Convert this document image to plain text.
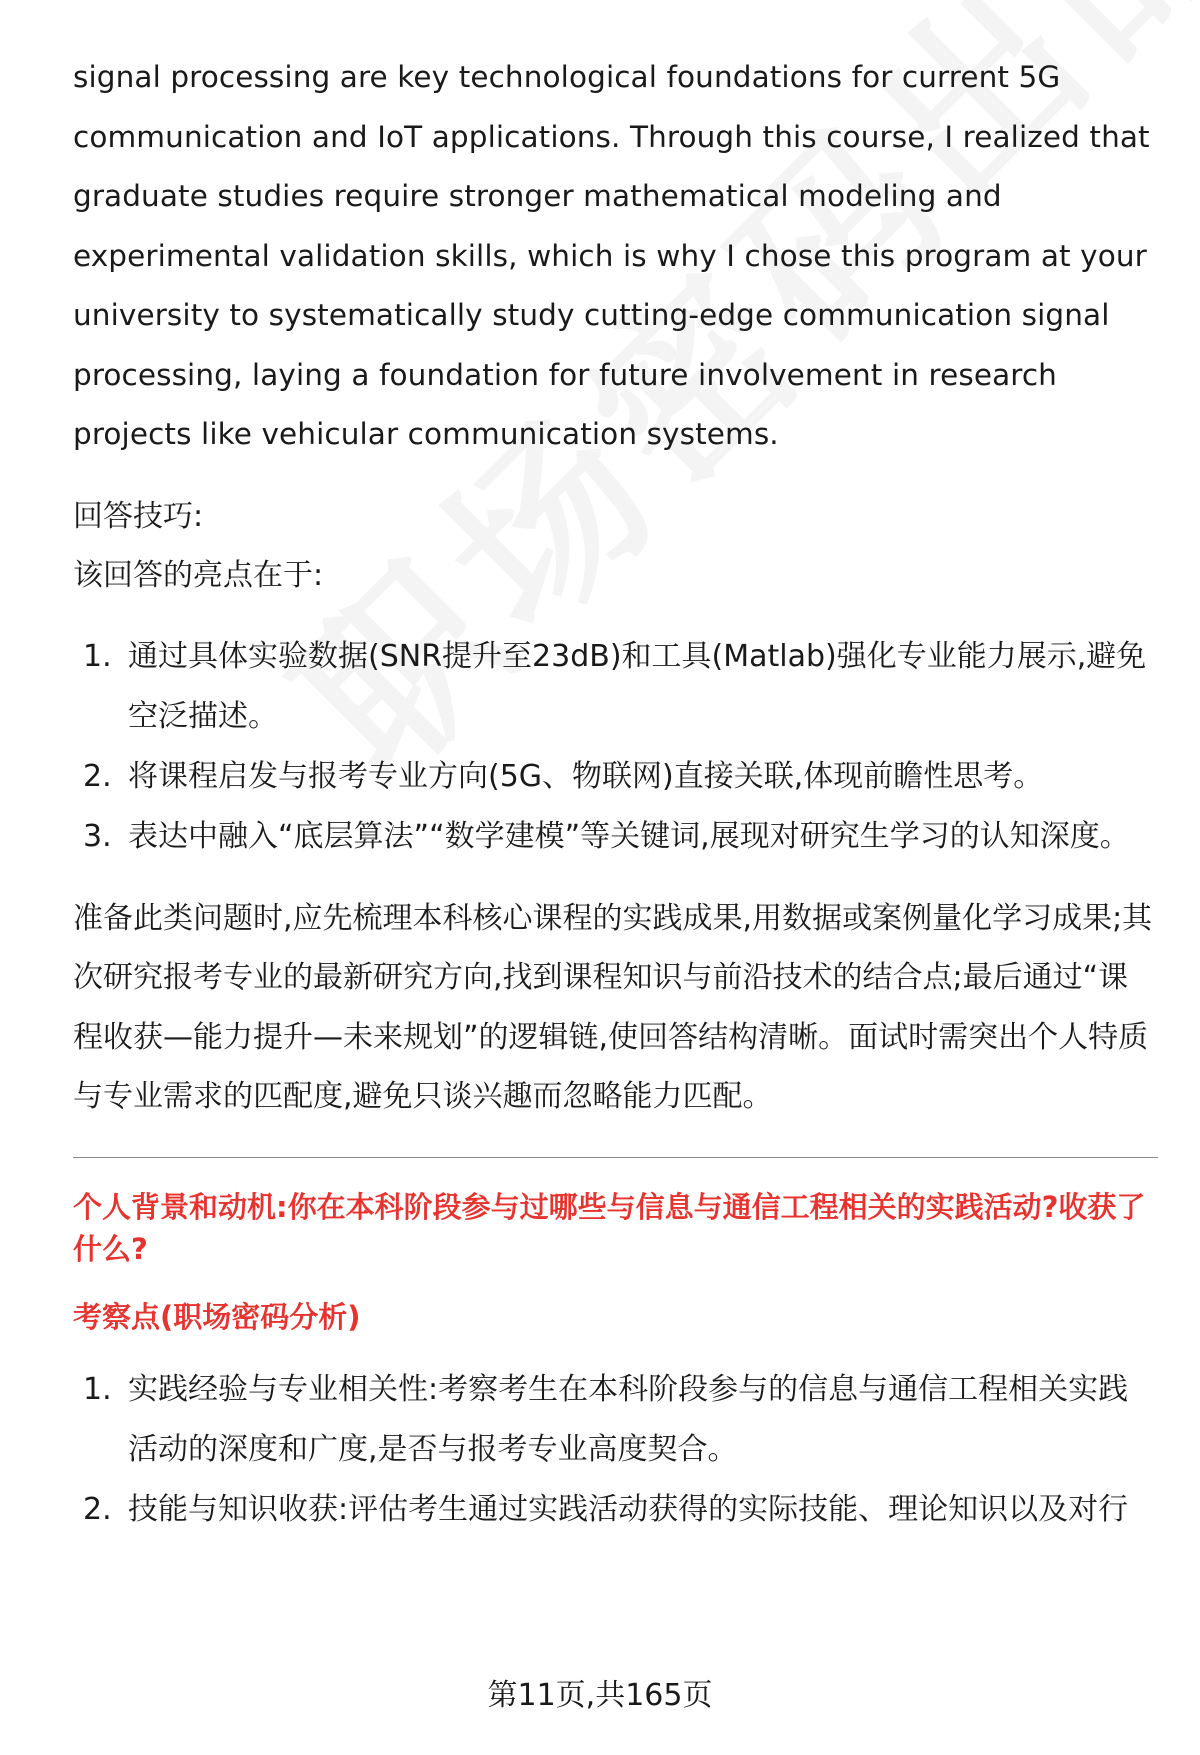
signal processing are key technological foundations for current 5G communication and IoT applications. Through this course, I realized that graduate studies require stronger mathematical modeling and experimental validation skills, which is why I chose this program at your university to systematically study cutting-edge communication signal processing, laying a foundation for future involvement in research projects like vehicular communication systems.

回答技巧:

该回答的亮点在于:

1. 通过具体实验数据(SNR提升至23dB)和工具(Matlab)强化专业能力展示,避免空泛描述。
2. 将课程启发与报考专业方向(5G、物联网)直接关联,体现前瞻性思考。
3. 表达中融入“底层算法”“数学建模”等关键词,展现对研究生学习的认知深度。

准备此类问题时,应先梳理本科核心课程的实践成果,用数据或案例量化学习成果;其次研究报考专业的最新研究方向,找到课程知识与前沿技术的结合点;最后通过“课程收获—能力提升—未来规划”的逻辑链,使回答结构清晰。面试时需突出个人特质与专业需求的匹配度,避免只谈兴趣而忽略能力匹配。

个人背景和动机:你在本科阶段参与过哪些与信息与通信工程相关的实践活动?收获了什么?

考察点(职场密码分析)

1. 实践经验与专业相关性:考察考生在本科阶段参与的信息与通信工程相关实践活动的深度和广度,是否与报考专业高度契合。
2. 技能与知识收获:评估考生通过实践活动获得的实际技能、理论知识以及对行
第11页,共165页
